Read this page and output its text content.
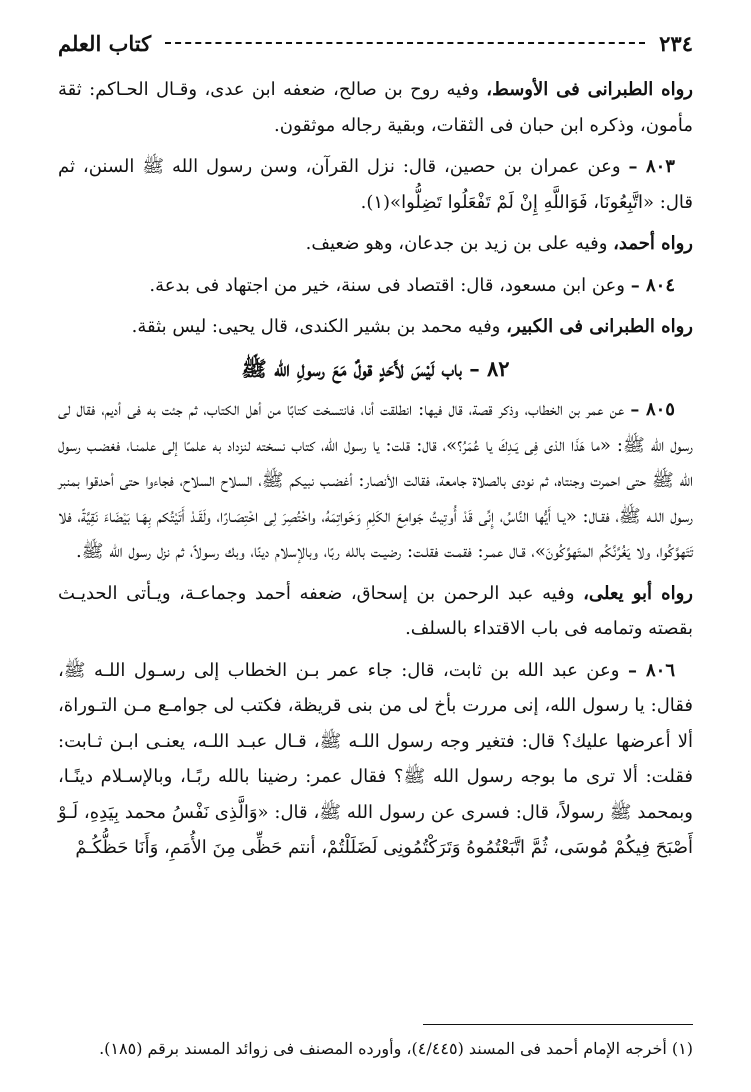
٢٣٤
كتاب العلم

رواه الطبرانى فى الأوسط، وفيه روح بن صالح، ضعفه ابن عدى، وقـال الحـاكم: ثقة مأمون، وذكره ابن حبان فى الثقات، وبقية رجاله موثقون.

٨٠٣ – وعن عمران بن حصين، قال: نزل القرآن، وسن رسول الله ﷺ السنن، ثم قال: «اتَّبِعُونَا، فَوَاللَّهِ إِنْ لَمْ تَفْعَلُوا تَضِلُّوا»(١).

رواه أحمد، وفيه على بن زيد بن جدعان، وهو ضعيف.

٨٠٤ – وعن ابن مسعود، قال: اقتصاد فى سنة، خير من اجتهاد فى بدعة.

رواه الطبرانى فى الكبير، وفيه محمد بن بشير الكندى، قال يحيى: ليس بثقة.

٨٢ – باب لَيْسَ لأَحَدٍ قولٌ مَعَ رسولِ الله ﷺ

٨٠٥ – عن عمر بن الخطاب، وذكر قصة، قال فيها: انطلقت أنا، فانتسخت كتابًا من أهل الكتاب، ثم جئت به فى أديم، فقال لى رسول الله ﷺ: «ما هَذَا الذى فِى يَـدِكَ يا عُمَرُ؟»، قال: قلت: يا رسول الله، كتاب نسخته لنزداد به علمـًا إلى علمنـا، فغضـب رسول الله ﷺ حتى احمرت وجنتاه، ثم نودى بالصلاة جامعة، فقالت الأنصار: أغضـب نبيكم ﷺ، السلاح السلاح، فجاءوا حتى أحدقوا بمنبر رسول اللـه ﷺ، فقـال: «يـا أَيُّها النَّاسُ، إِنِّى قَدْ أُوتِيتُ جَوامِعَ الكَلِمِ وَخَواتِمَهُ، واخْتُصِرَ لِى اخْتِصَـارًا، ولَقَـدْ أَتَيْتُكم بِهَـا بَيْضَاءَ نَقِيَّةً، فلا تَتَهوَّكُوا، ولا يَغُرَّنَّكُم المتَهوِّكُونَ»، قـال عمـر: فقمـت فقلـت: رضيـت بالله ربًا، وبالإسلام دينًا، وبك رسولاً، ثم نزل رسول الله ﷺ.

رواه أبو يعلى، وفيه عبد الرحمن بن إسحاق، ضعفه أحمد وجماعـة، ويـأتى الحديـث بقصته وتمامه فى باب الاقتداء بالسلف.

٨٠٦ – وعن عبد الله بن ثابت، قال: جاء عمر بـن الخطاب إلى رسـول اللـه ﷺ، فقال: يا رسول الله، إنى مررت بأخ لى من بنى قريظة، فكتب لى جوامـع مـن التـوراة، ألا أعرضها عليك؟ قال: فتغير وجه رسول اللـه ﷺ، قـال عبـد اللـه، يعنـى ابـن ثـابت: فقلت: ألا ترى ما بوجه رسول الله ﷺ؟ فقال عمر: رضينا بالله ربًـا، وبالإسـلام دينًـا، وبمحمد ﷺ رسولاً، قال: فسرى عن رسول الله ﷺ، قال: «وَالَّذِى نَفْسُ محمد بِيَدِهِ، لَـوْ أَصْبَحَ فِيكُمْ مُوسَى، ثُمَّ اتَّبَعْتُمُوهُ وَتَرَكْتُمُونِى لَضَلَلْتُمْ، أنتم حَظِّى مِنَ الأُمَمِ، وَأَنَا حَظُّكُـمْ

(١) أخرجه الإمام أحمد فى المسند (٤/٤٤٥)، وأورده المصنف فى زوائد المسند برقم (١٨٥).
